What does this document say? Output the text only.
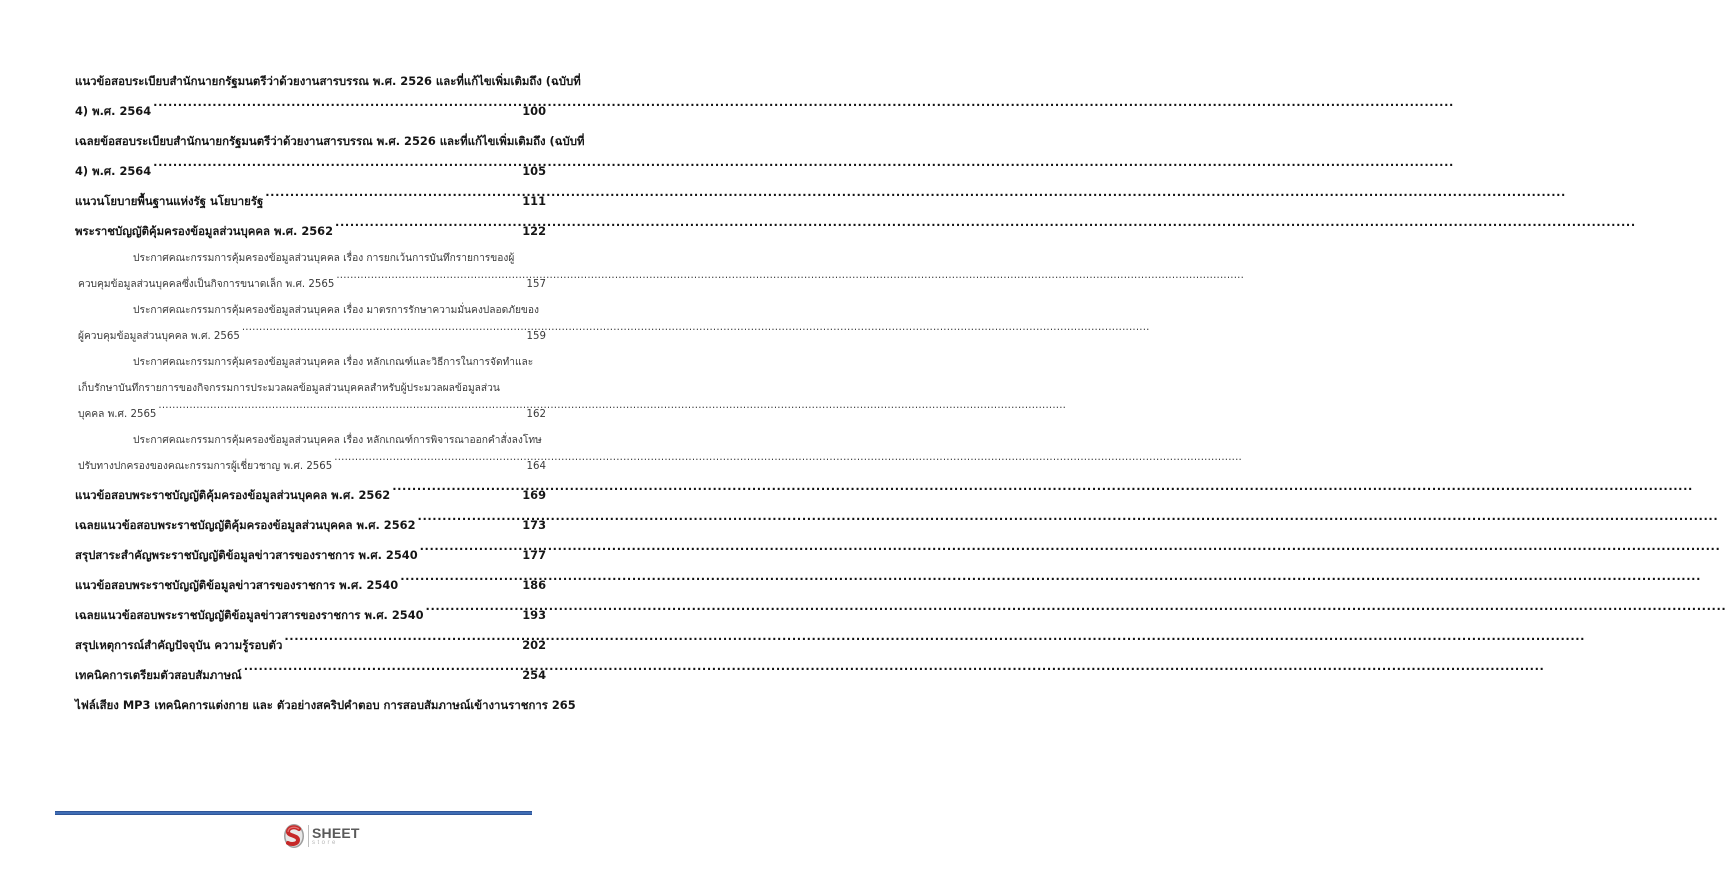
แนวข้อสอบระเบียบสำนักนายกรัฐมนตรีว่าด้วยงานสารบรรณ พ.ศ. 2526 และที่แก้ไขเพิ่มเติมถึง (ฉบับที่
4) พ.ศ. 2564 .....	100
เฉลยข้อสอบระเบียบสำนักนายกรัฐมนตรีว่าด้วยงานสารบรรณ พ.ศ. 2526 และที่แก้ไขเพิ่มเติมถึง (ฉบับที่
4) พ.ศ. 2564 .....	105
แนวนโยบายพื้นฐานแห่งรัฐ นโยบายรัฐ .....	111
พระราชบัญญัติคุ้มครองข้อมูลส่วนบุคคล พ.ศ. 2562 .....	122
ประกาศคณะกรรมการคุ้มครองข้อมูลส่วนบุคคล เรื่อง การยกเว้นการบันทึกรายการของผู้
ควบคุมข้อมูลส่วนบุคคลซึ่งเป็นกิจการขนาดเล็ก พ.ศ. 2565 .....	157
ประกาศคณะกรรมการคุ้มครองข้อมูลส่วนบุคคล เรื่อง มาตรการรักษาความมั่นคงปลอดภัยของ
ผู้ควบคุมข้อมูลส่วนบุคคล พ.ศ. 2565 .....	159
ประกาศคณะกรรมการคุ้มครองข้อมูลส่วนบุคคล เรื่อง หลักเกณฑ์และวิธีการในการจัดทำและ
เก็บรักษาบันทึกรายการของกิจกรรมการประมวลผลข้อมูลส่วนบุคคลสำหรับผู้ประมวลผลข้อมูลส่วน
บุคคล พ.ศ. 2565 .....	162
ประกาศคณะกรรมการคุ้มครองข้อมูลส่วนบุคคล เรื่อง หลักเกณฑ์การพิจารณาออกคำสั่งลงโทษ
ปรับทางปกครองของคณะกรรมการผู้เชี่ยวชาญ พ.ศ. 2565 .....	164
แนวข้อสอบพระราชบัญญัติคุ้มครองข้อมูลส่วนบุคคล พ.ศ. 2562 .....	169
เฉลยแนวข้อสอบพระราชบัญญัติคุ้มครองข้อมูลส่วนบุคคล พ.ศ. 2562 .....	173
สรุปสาระสำคัญพระราชบัญญัติข้อมูลข่าวสารของราชการ พ.ศ. 2540 .....	177
แนวข้อสอบพระราชบัญญัติข้อมูลข่าวสารของราชการ พ.ศ. 2540 .....	186
เฉลยแนวข้อสอบพระราชบัญญัติข้อมูลข่าวสารของราชการ พ.ศ. 2540 .....	193
สรุปเหตุการณ์สำคัญปัจจุบัน ความรู้รอบตัว .....	202
เทคนิคการเตรียมตัวสอบสัมภาษณ์ .....	254
ไฟล์เสียง MP3 เทคนิคการแต่งกาย และ ตัวอย่างสคริปคำตอบ การสอบสัมภาษณ์เข้างานราชการ 265
SHEET
store
